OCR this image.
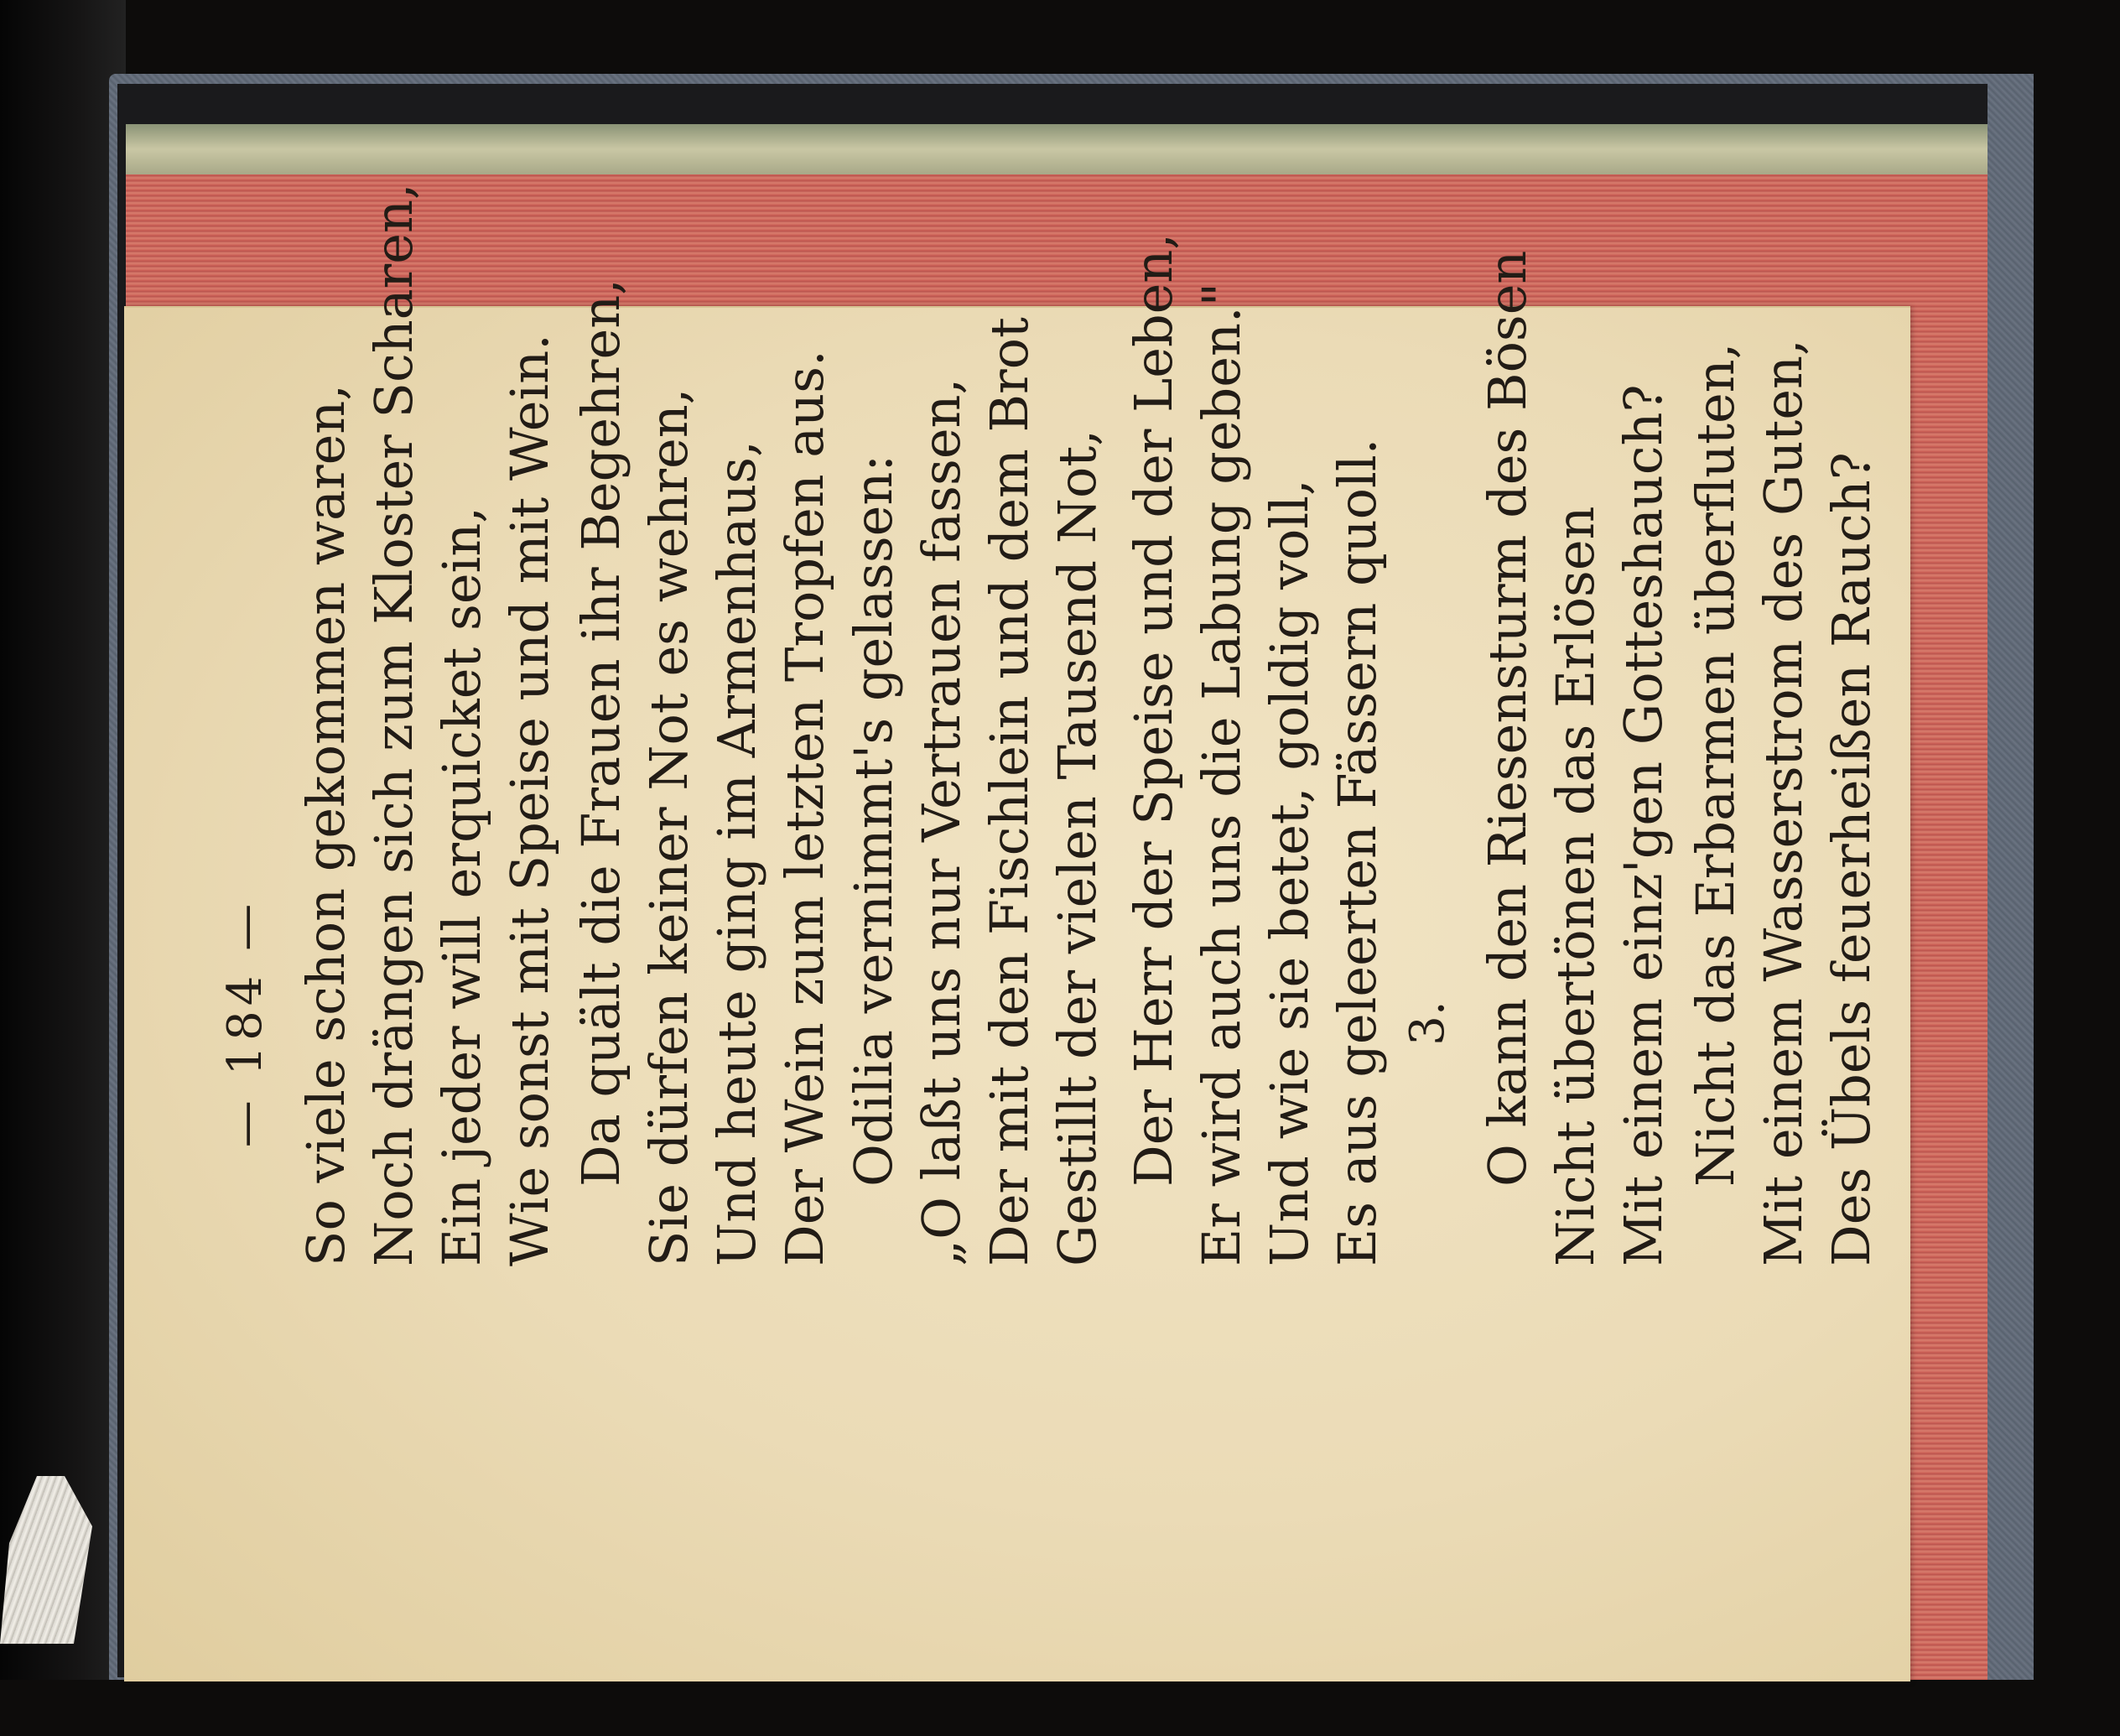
— 184 — So viele schon gekommen waren, Noch drängen sich zum Kloster Scharen, Ein jeder will erquicket sein, Wie sonst mit Speise und mit Wein. Da quält die Frauen ihr Begehren, Sie dürfen keiner Not es wehren, Und heute ging im Armenhaus, Der Wein zum letzten Tropfen aus. Odilia vernimmt's gelassen: „O laßt uns nur Vertrauen fassen, Der mit den Fischlein und dem Brot Gestillt der vielen Tausend Not, Der Herr der Speise und der Leben, Er wird auch uns die Labung geben." Und wie sie betet, goldig voll, Es aus geleerten Fässern quoll. 3. O kann den Riesensturm des Bösen Nicht übertönen das Erlösen Mit einem einz'gen Gotteshauch? Nicht das Erbarmen überfluten, Mit einem Wasserstrom des Guten, Des Übels feuerheißen Rauch?
